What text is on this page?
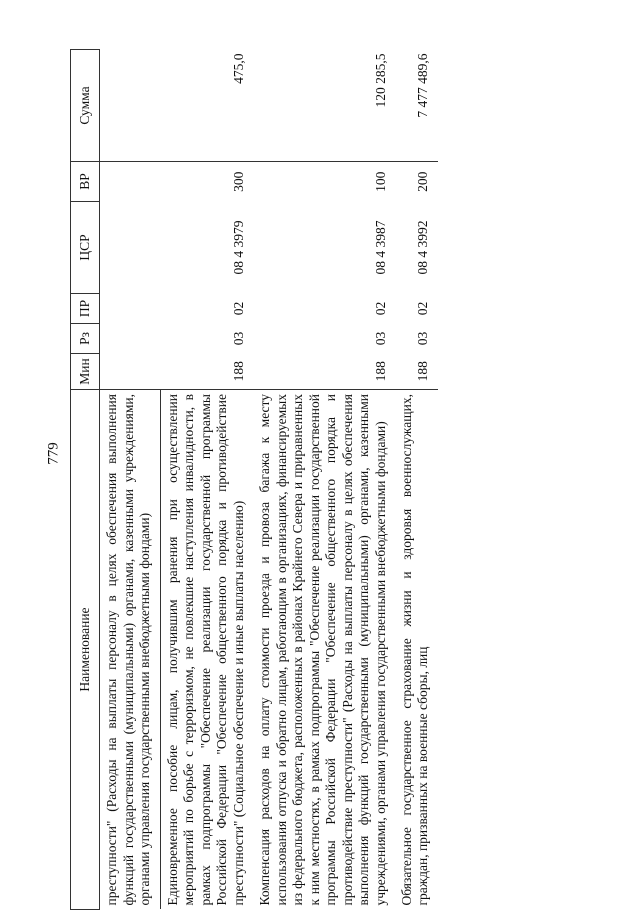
779
Наименование	Мин	Рз	ПР	ЦСР	ВР	Сумма
преступности" (Расходы на выплаты персоналу в целях обеспечения выполнения функций государственными (муниципальными) органами, казенными учреждениями, органами управления государственными внебюджетными фондами)						
Единовременное пособие лицам, получившим ранения при осуществлении мероприятий по борьбе с терроризмом, не повлекшие наступления инвалидности, в рамках подпрограммы "Обеспечение реализации государственной программы Российской Федерации "Обеспечение общественного порядка и противодействие преступности" (Социальное обеспечение и иные выплаты населению)	188	03	02	08 4 3979	300	475,0
Компенсация расходов на оплату стоимости проезда и провоза багажа к месту использования отпуска и обратно лицам, работающим в организациях, финансируемых из федерального бюджета, расположенных в районах Крайнего Севера и приравненных к ним местностях, в рамках подпрограммы "Обеспечение реализации государственной программы Российской Федерации "Обеспечение общественного порядка и противодействие преступности" (Расходы на выплаты персоналу в целях обеспечения выполнения функций государственными (муниципальными) органами, казенными учреждениями, органами управления государственными внебюджетными фондами)	188	03	02	08 4 3987	100	120 285,5
Обязательное государственное страхование жизни и здоровья военнослужащих, граждан, призванных на военные сборы, лиц	188	03	02	08 4 3992	200	7 477 489,6
